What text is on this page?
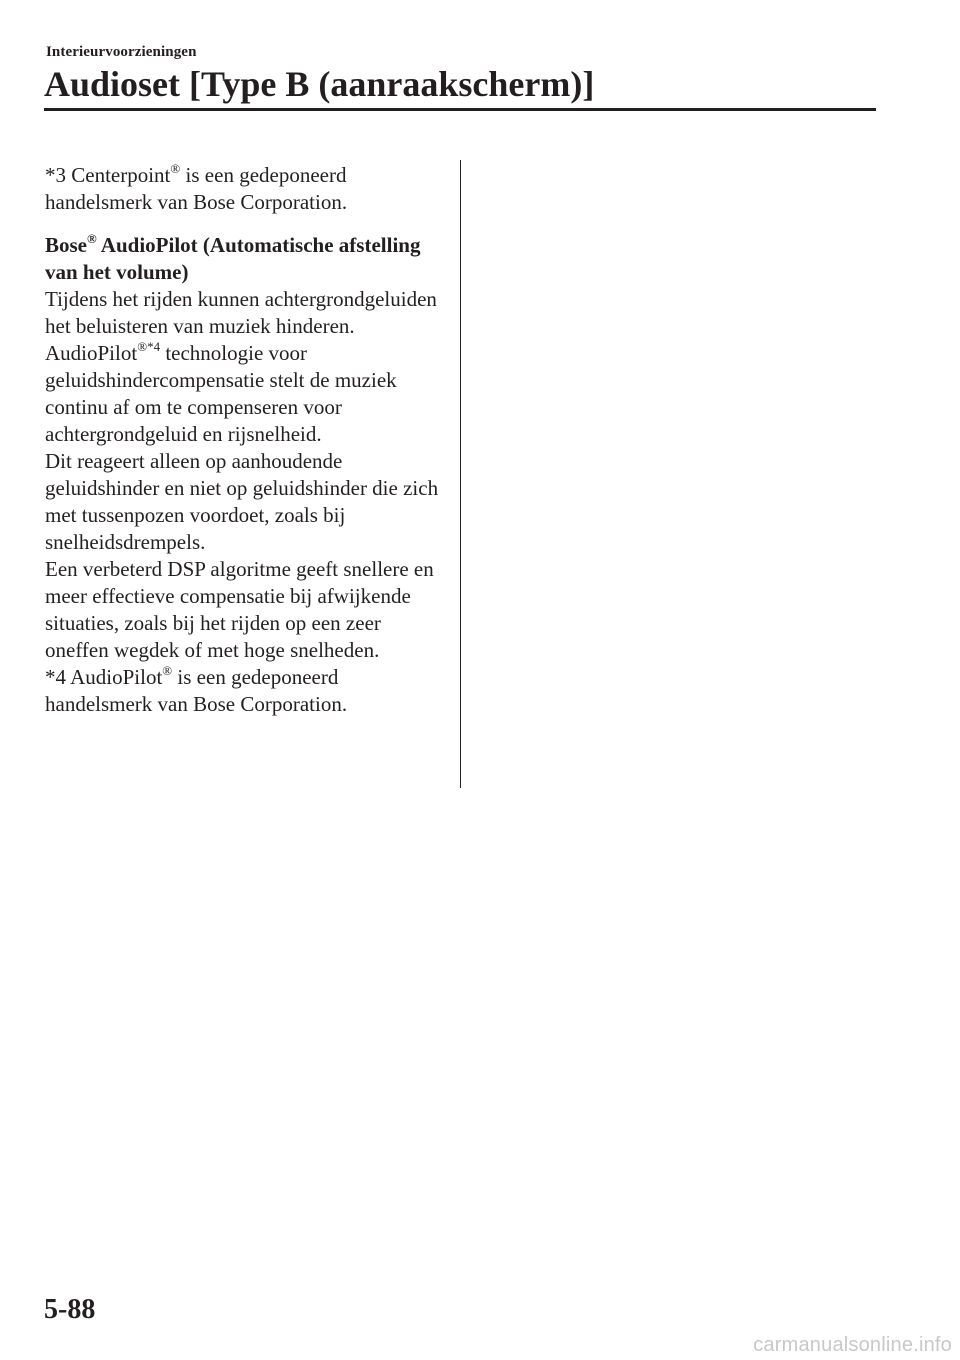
Interieurvoorzieningen
Audioset [Type B (aanraakscherm)]

*3 Centerpoint® is een gedeponeerd handelsmerk van Bose Corporation.

Bose® AudioPilot (Automatische afstelling van het volume)

Tijdens het rijden kunnen achtergrondgeluiden het beluisteren van muziek hinderen.

AudioPilot$^{®*4}$ technologie voor geluidshindercompensatie stelt de muziek continu af om te compenseren voor achtergrondgeluid en rijsnelheid.

Dit reageert alleen op aanhoudende geluidshinder en niet op geluidshinder die zich met tussenpozen voordoet, zoals bij snelheidsdrempels.

Een verbeterd DSP algoritme geeft snellere en meer effectieve compensatie bij afwijkende situaties, zoals bij het rijden op een zeer oneffen wegdek of met hoge snelheden.

*4 AudioPilot® is een gedeponeerd handelsmerk van Bose Corporation.

5-88
carmanualsonline.info
